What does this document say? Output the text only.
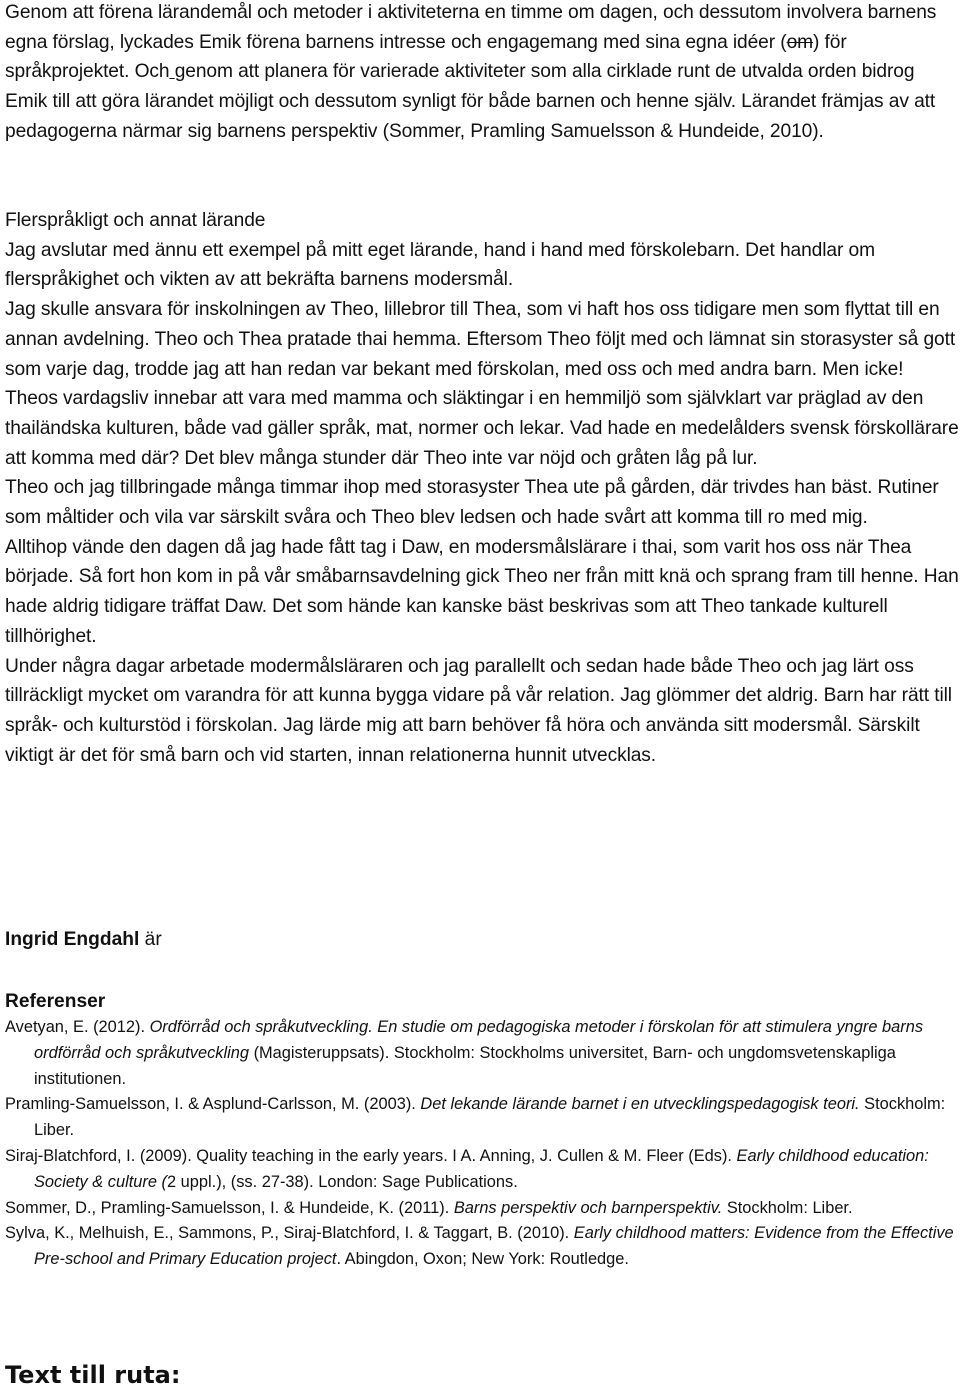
Genom att förena lärandemål och metoder i aktiviteterna en timme om dagen, och dessutom involvera barnens egna förslag, lyckades Emik förena barnens intresse och engagemang med sina egna idéer (om) för språkprojektet. Och genom att planera för varierade aktiviteter som alla cirklade runt de utvalda orden bidrog Emik till att göra lärandet möjligt och dessutom synligt för både barnen och henne själv. Lärandet främjas av att pedagogerna närmar sig barnens perspektiv (Sommer, Pramling Samuelsson & Hundeide, 2010).

Flerspråkligt och annat lärande

Jag avslutar med ännu ett exempel på mitt eget lärande, hand i hand med förskolebarn. Det handlar om flerspråkighet och vikten av att bekräfta barnens modersmål.

Jag skulle ansvara för inskolningen av Theo, lillebror till Thea, som vi haft hos oss tidigare men som flyttat till en annan avdelning. Theo och Thea pratade thai hemma. Eftersom Theo följt med och lämnat sin storasyster så gott som varje dag, trodde jag att han redan var bekant med förskolan, med oss och med andra barn. Men icke!

Theos vardagsliv innebar att vara med mamma och släktingar i en hemmiljö som självklart var präglad av den thailändska kulturen, både vad gäller språk, mat, normer och lekar. Vad hade en medelålders svensk förskollärare att komma med där? Det blev många stunder där Theo inte var nöjd och gråten låg på lur.

Theo och jag tillbringade många timmar ihop med storasyster Thea ute på gården, där trivdes han bäst. Rutiner som måltider och vila var särskilt svåra och Theo blev ledsen och hade svårt att komma till ro med mig.

Alltihop vände den dagen då jag hade fått tag i Daw, en modersmålslärare i thai, som varit hos oss när Thea började. Så fort hon kom in på vår småbarnsavdelning gick Theo ner från mitt knä och sprang fram till henne. Han hade aldrig tidigare träffat Daw. Det som hände kan kanske bäst beskrivas som att Theo tankade kulturell tillhörighet.

Under några dagar arbetade modermålsläraren och jag parallellt och sedan hade både Theo och jag lärt oss tillräckligt mycket om varandra för att kunna bygga vidare på vår relation. Jag glömmer det aldrig. Barn har rätt till språk- och kulturstöd i förskolan. Jag lärde mig att barn behöver få höra och använda sitt modersmål. Särskilt viktigt är det för små barn och vid starten, innan relationerna hunnit utvecklas.

Ingrid Engdahl är

Referenser

Avetyan, E. (2012). Ordförråd och språkutveckling. En studie om pedagogiska metoder i förskolan för att stimulera yngre barns ordförråd och språkutveckling (Magisteruppsats). Stockholm: Stockholms universitet, Barn- och ungdomsvetenskapliga institutionen.

Pramling-Samuelsson, I. & Asplund-Carlsson, M. (2003). Det lekande lärande barnet i en utvecklingspedagogisk teori. Stockholm: Liber.

Siraj-Blatchford, I. (2009). Quality teaching in the early years. I A. Anning, J. Cullen & M. Fleer (Eds). Early childhood education: Society & culture (2 uppl.), (ss. 27-38). London: Sage Publications.

Sommer, D., Pramling-Samuelsson, I. & Hundeide, K. (2011). Barns perspektiv och barnperspektiv. Stockholm: Liber.

Sylva, K., Melhuish, E., Sammons, P., Siraj-Blatchford, I. & Taggart, B. (2010). Early childhood matters: Evidence from the Effective Pre-school and Primary Education project. Abingdon, Oxon; New York: Routledge.

Text till ruta:
